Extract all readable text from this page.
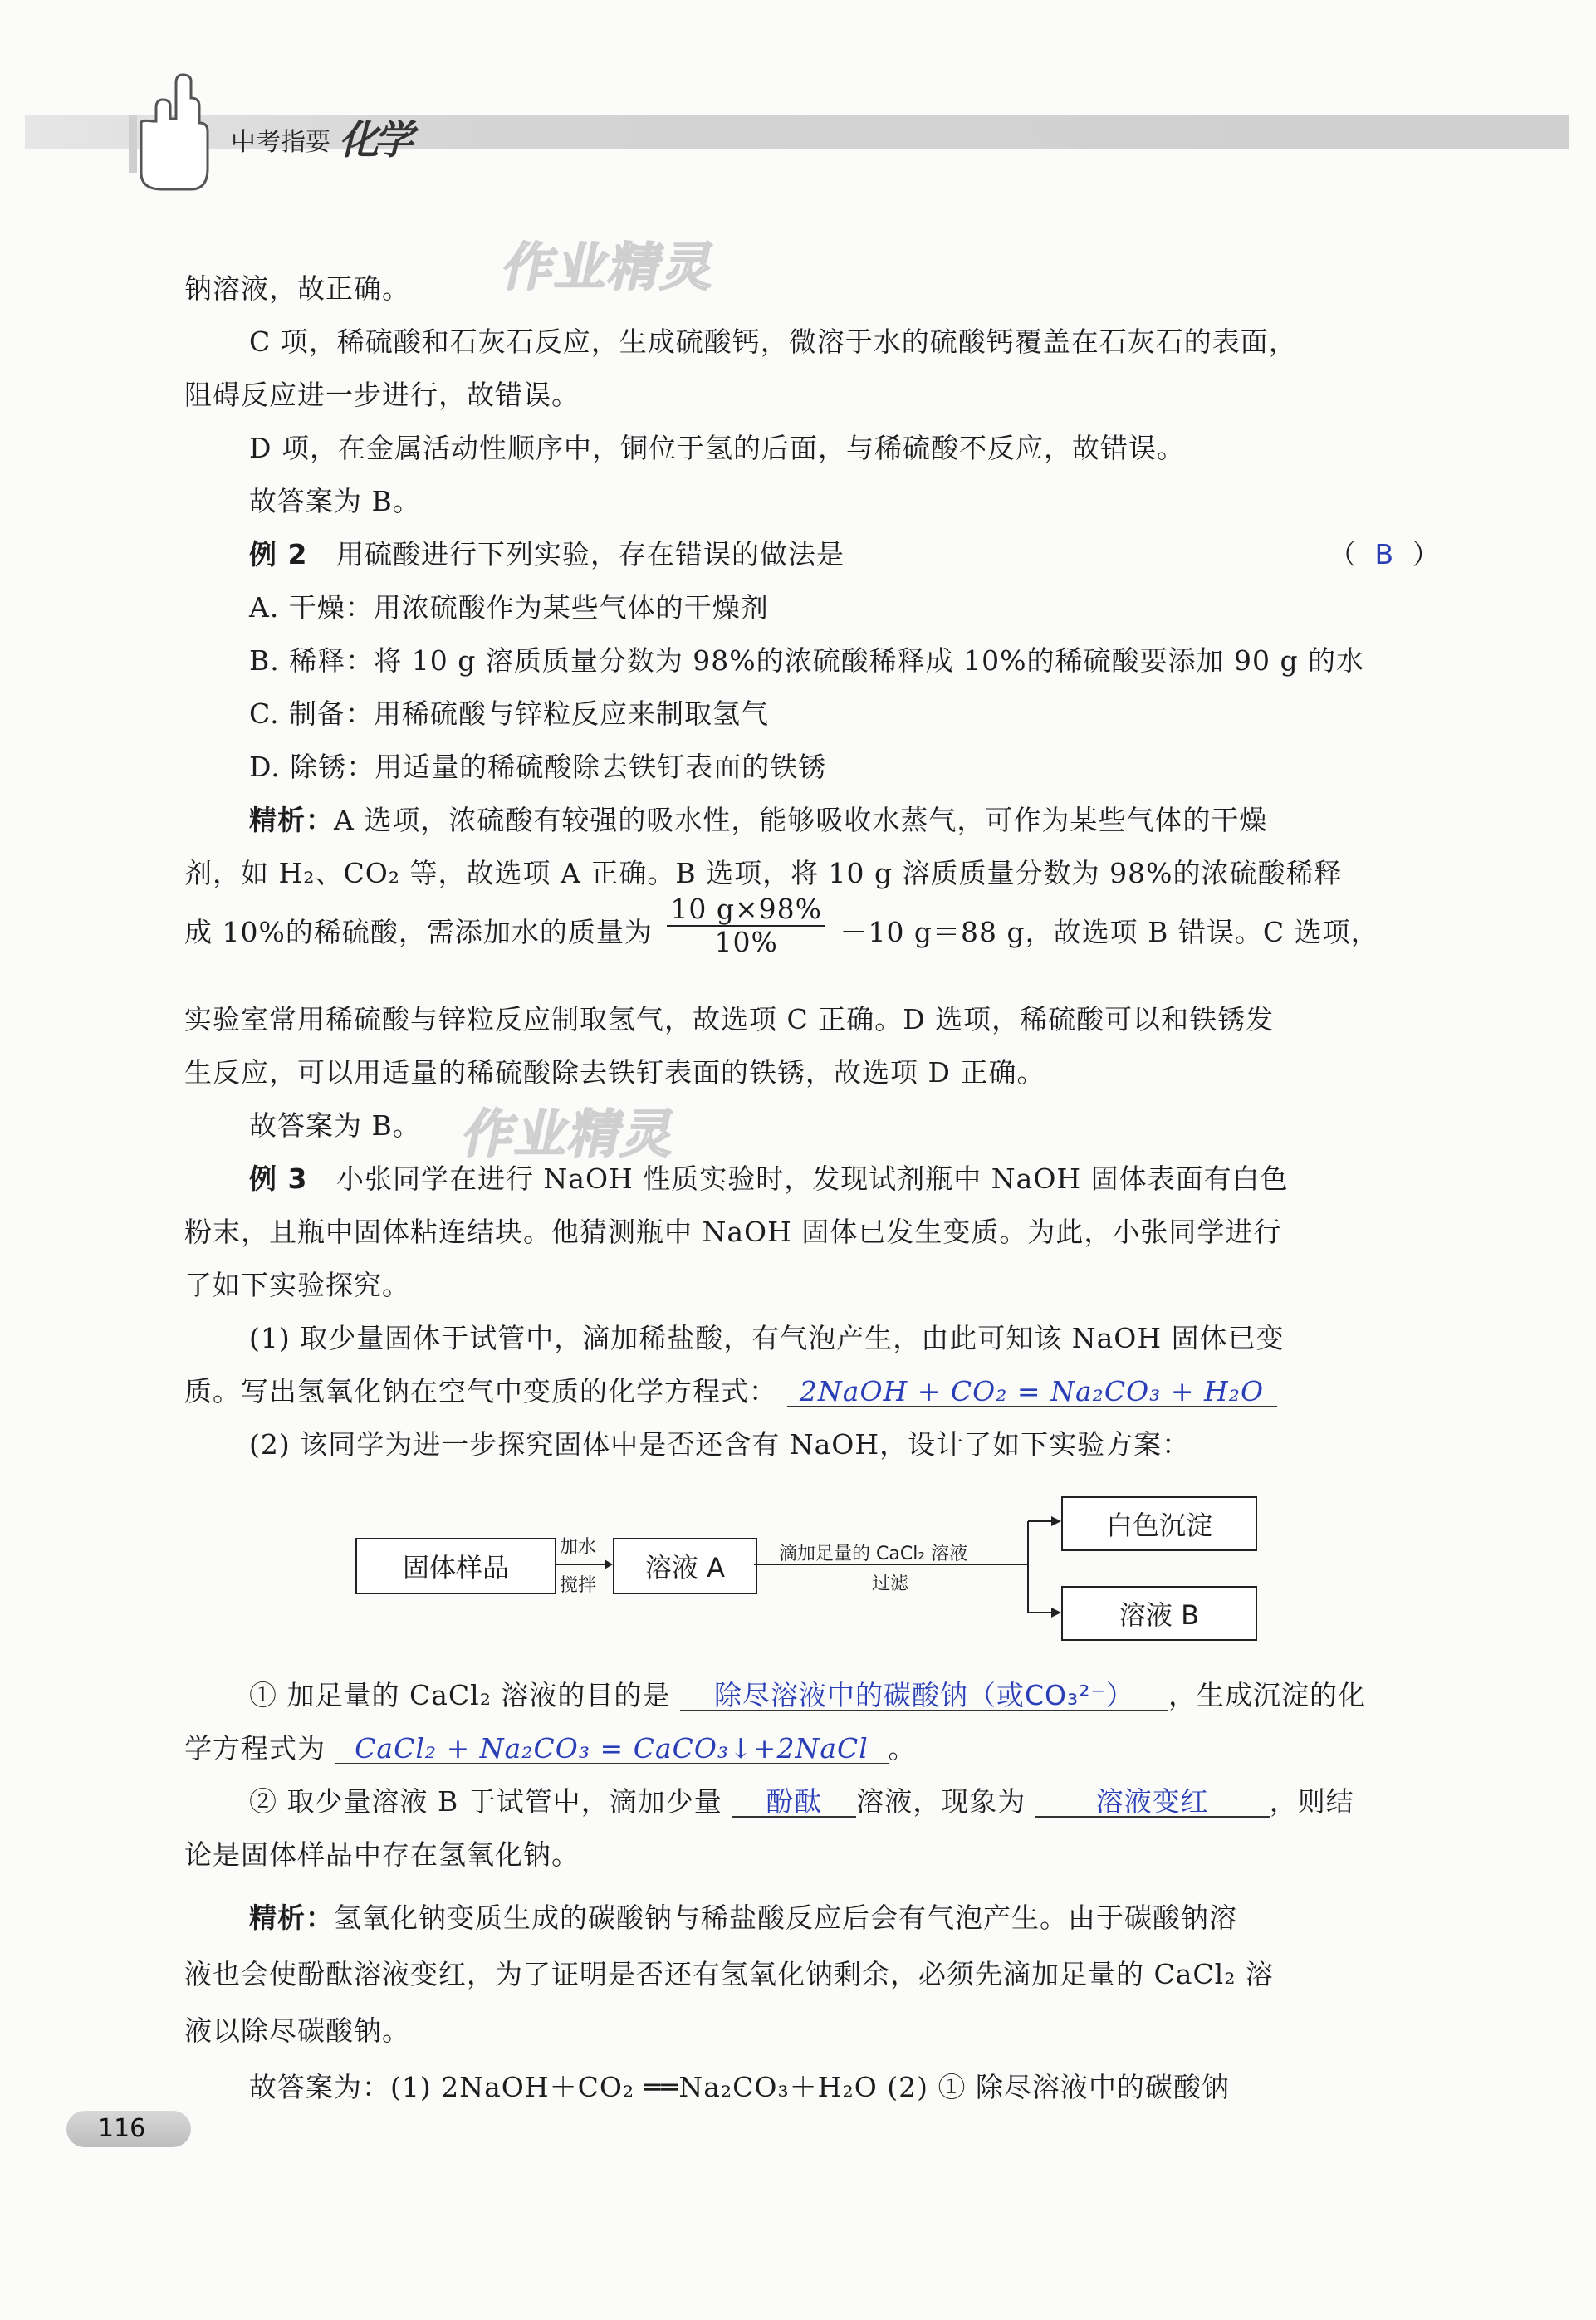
中考指要 化学
作业精灵
作业精灵
钠溶液，故正确。
C 项，稀硫酸和石灰石反应，生成硫酸钙，微溶于水的硫酸钙覆盖在石灰石的表面，
阻碍反应进一步进行，故错误。
D 项，在金属活动性顺序中，铜位于氢的后面，与稀硫酸不反应，故错误。
故答案为 B。
例 2 用硫酸进行下列实验，存在错误的做法是	（ B ）
A. 干燥：用浓硫酸作为某些气体的干燥剂
B. 稀释：将 10 g 溶质质量分数为 98%的浓硫酸稀释成 10%的稀硫酸要添加 90 g 的水
C. 制备：用稀硫酸与锌粒反应来制取氢气
D. 除锈：用适量的稀硫酸除去铁钉表面的铁锈
精析：A 选项，浓硫酸有较强的吸水性，能够吸收水蒸气，可作为某些气体的干燥
剂，如 H₂、CO₂ 等，故选项 A 正确。B 选项，将 10 g 溶质质量分数为 98%的浓硫酸稀释
成 10%的稀硫酸，需添加水的质量为 $\frac{10 g\times 98\%}{10\%} -10$ g＝88 g，故选项 B 错误。C 选项，
实验室常用稀硫酸与锌粒反应制取氢气，故选项 C 正确。D 选项，稀硫酸可以和铁锈发
生反应，可以用适量的稀硫酸除去铁钉表面的铁锈，故选项 D 正确。
故答案为 B。
例 3 小张同学在进行 NaOH 性质实验时，发现试剂瓶中 NaOH 固体表面有白色
粉末，且瓶中固体粘连结块。他猜测瓶中 NaOH 固体已发生变质。为此，小张同学进行
了如下实验探究。
(1) 取少量固体于试管中，滴加稀盐酸，有气泡产生，由此可知该 NaOH 固体已变
质。写出氢氧化钠在空气中变质的化学方程式： 2NaOH + CO₂ = Na₂CO₃ + H₂O
(2) 该同学为进一步探究固体中是否还含有 NaOH，设计了如下实验方案：
固体样品
加水
搅拌
溶液 A	滴加足量的 CaCl₂ 溶液
过滤
白色沉淀
溶液 B
① 加足量的 CaCl₂ 溶液的目的是 除尽溶液中的碳酸钠（或CO₃²⁻） ，生成沉淀的化
学方程式为 CaCl₂ + Na₂CO₃ = CaCO₃↓+2NaCl 。
② 取少量溶液 B 于试管中，滴加少量 酚酞 溶液，现象为	溶液变红 ，则结
论是固体样品中存在氢氧化钠。
精析：氢氧化钠变质生成的碳酸钠与稀盐酸反应后会有气泡产生。由于碳酸钠溶
液也会使酚酞溶液变红，为了证明是否还有氢氧化钠剩余，必须先滴加足量的 CaCl₂ 溶
液以除尽碳酸钠。
故答案为：(1) 2NaOH＋CO₂ ══Na₂CO₃＋H₂O (2) ① 除尽溶液中的碳酸钠
116
